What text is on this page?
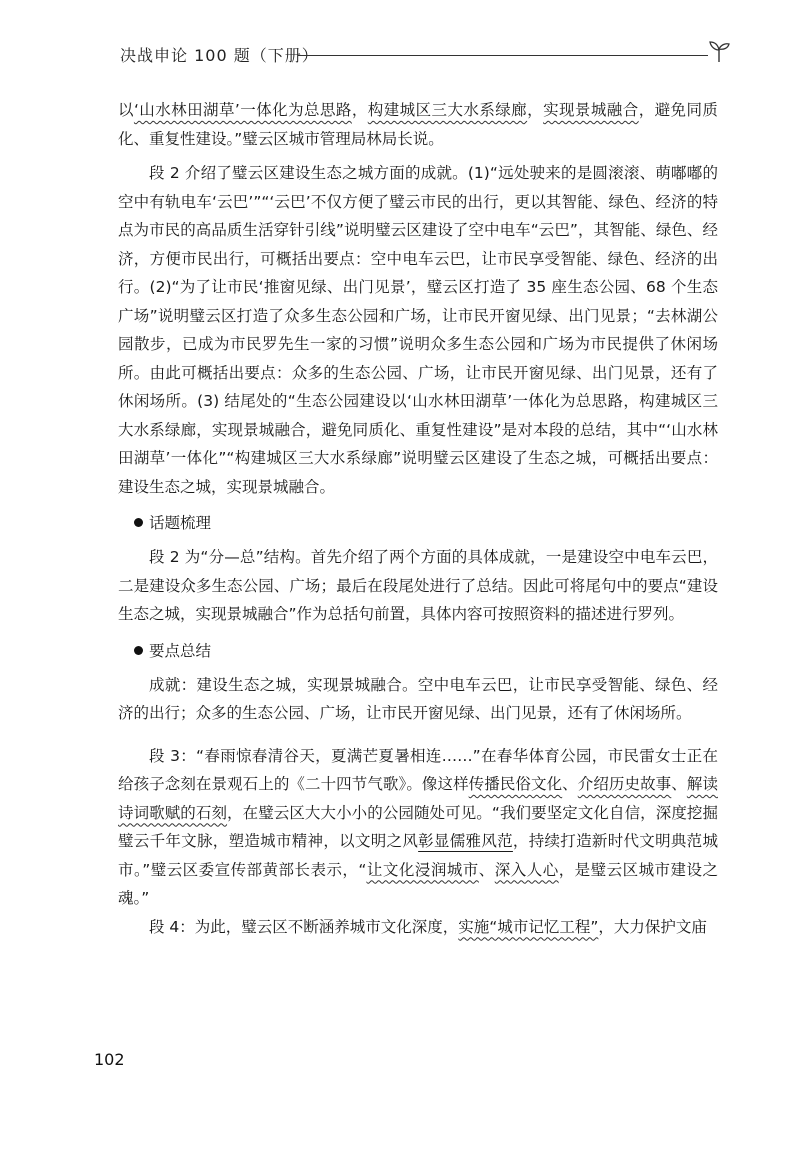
决战申论 100 题（下册）

以‘山水林田湖草’一体化为总思路，构建城区三大水系绿廊，实现景城融合，避免同质化、重复性建设。”璧云区城市管理局林局长说。

段 2 介绍了璧云区建设生态之城方面的成就。(1)“远处驶来的是圆滚滚、萌嘟嘟的空中有轨电车‘云巴’”“‘云巴’不仅方便了璧云市民的出行，更以其智能、绿色、经济的特点为市民的高品质生活穿针引线”说明璧云区建设了空中电车“云巴”，其智能、绿色、经济，方便市民出行，可概括出要点：空中电车云巴，让市民享受智能、绿色、经济的出行。(2)“为了让市民‘推窗见绿、出门见景’，璧云区打造了 35 座生态公园、68 个生态广场”说明璧云区打造了众多生态公园和广场，让市民开窗见绿、出门见景；“去林湖公园散步，已成为市民罗先生一家的习惯”说明众多生态公园和广场为市民提供了休闲场所。由此可概括出要点：众多的生态公园、广场，让市民开窗见绿、出门见景，还有了休闲场所。(3) 结尾处的“生态公园建设以‘山水林田湖草’一体化为总思路，构建城区三大水系绿廊，实现景城融合，避免同质化、重复性建设”是对本段的总结，其中“‘山水林田湖草’一体化”“构建城区三大水系绿廊”说明璧云区建设了生态之城，可概括出要点：建设生态之城，实现景城融合。

话题梳理

段 2 为“分—总”结构。首先介绍了两个方面的具体成就，一是建设空中电车云巴，二是建设众多生态公园、广场；最后在段尾处进行了总结。因此可将尾句中的要点“建设生态之城，实现景城融合”作为总括句前置，具体内容可按照资料的描述进行罗列。

要点总结

成就：建设生态之城，实现景城融合。空中电车云巴，让市民享受智能、绿色、经济的出行；众多的生态公园、广场，让市民开窗见绿、出门见景，还有了休闲场所。

段 3：“春雨惊春清谷天，夏满芒夏暑相连……”在春华体育公园，市民雷女士正在给孩子念刻在景观石上的《二十四节气歌》。像这样传播民俗文化、介绍历史故事、解读诗词歌赋的石刻，在璧云区大大小小的公园随处可见。“我们要坚定文化自信，深度挖掘璧云千年文脉，塑造城市精神，以文明之风彰显儒雅风范，持续打造新时代文明典范城市。”璧云区委宣传部黄部长表示，“让文化浸润城市、深入人心，是璧云区城市建设之魂。”

段 4：为此，璧云区不断涵养城市文化深度，实施“城市记忆工程”，大力保护文庙

102
